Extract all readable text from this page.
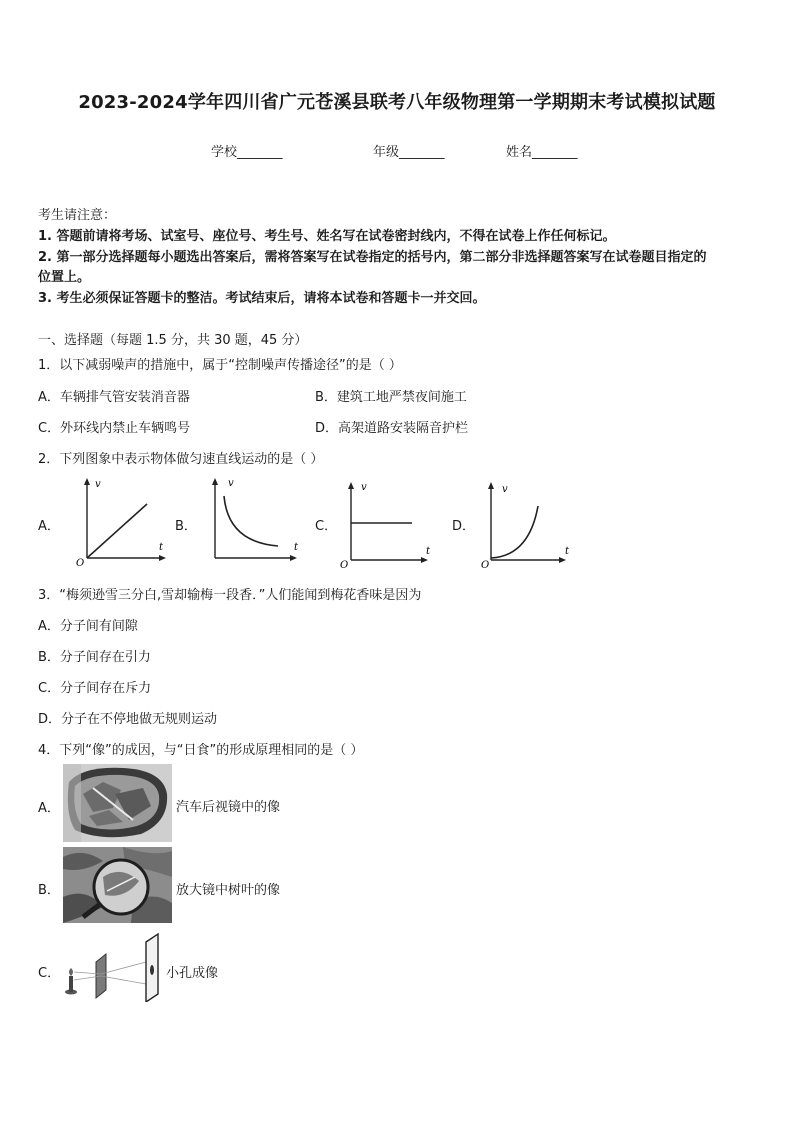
2023-2024学年四川省广元苍溪县联考八年级物理第一学期期末考试模拟试题
学校_______	年级_______	姓名_______
考生请注意：
1. 答题前请将考场、试室号、座位号、考生号、姓名写在试卷密封线内，不得在试卷上作任何标记。
2. 第一部分选择题每小题选出答案后，需将答案写在试卷指定的括号内，第二部分非选择题答案写在试卷题目指定的
位置上。
3. 考生必须保证答题卡的整洁。考试结束后，请将本试卷和答题卡一并交回。
一、选择题（每题 1.5 分，共 30 题，45 分）
1．以下减弱噪声的措施中，属于“控制噪声传播途径”的是（ ）
A．车辆排气管安装消音器	B．建筑工地严禁夜间施工
C．外环线内禁止车辆鸣号	D．高架道路安装隔音护栏
2．下列图象中表示物体做匀速直线运动的是（ ）
A．
v
t
O
B．
v
t
C．
v
t
O
D．
v
t
O
3．“梅须逊雪三分白,雪却输梅一段香．”人们能闻到梅花香味是因为
A．分子间有间隙
B．分子间存在引力
C．分子间存在斥力
D．分子在不停地做无规则运动
4．下列“像”的成因，与“日食”的形成原理相同的是（ ）
A．	汽车后视镜中的像
B．	放大镜中树叶的像
C．	小孔成像
